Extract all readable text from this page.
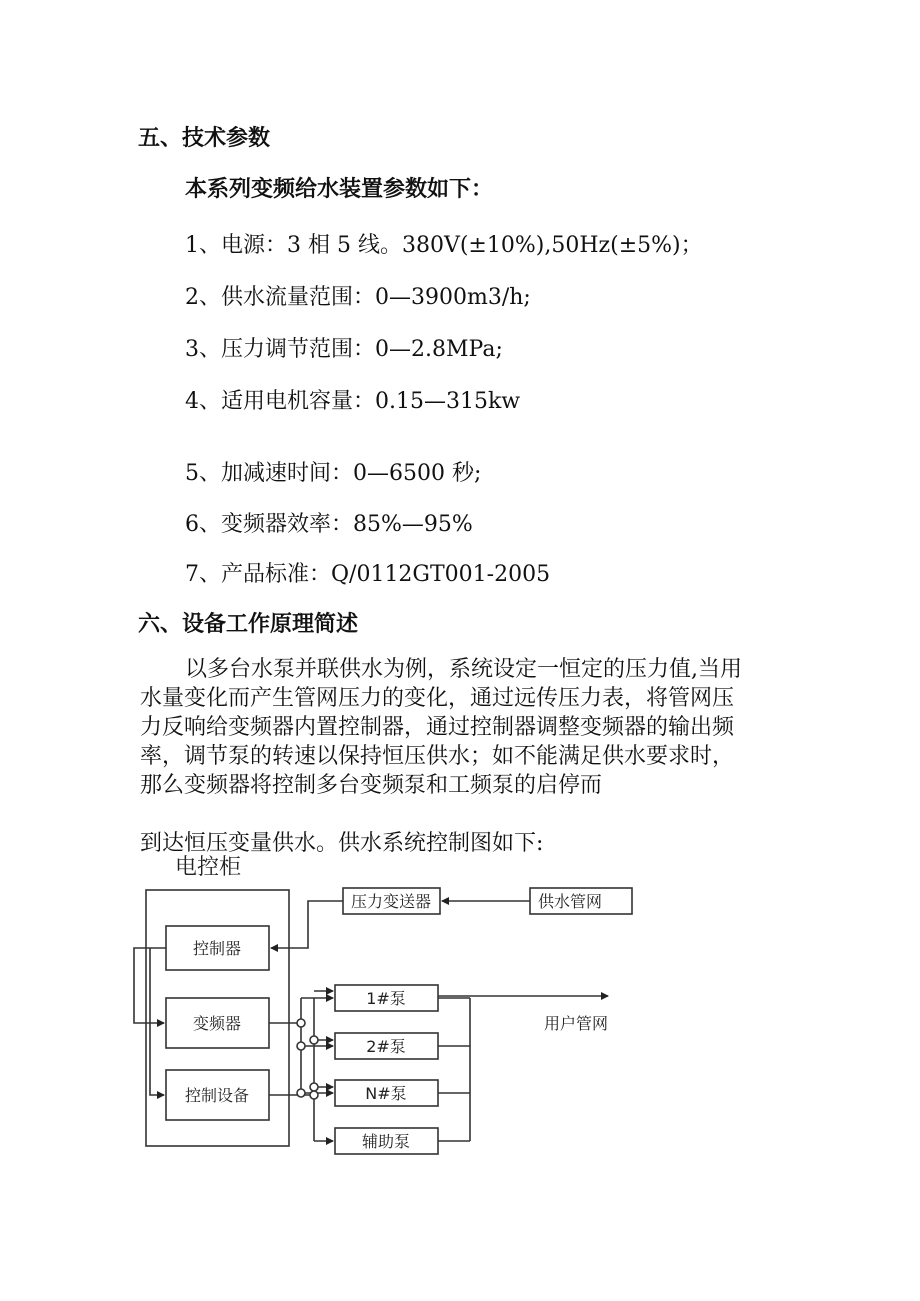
五、技术参数
本系列变频给水装置参数如下：
1、电源：3 相 5 线。380V(±10%),50Hz(±5%)；
2、供水流量范围：0—3900m3/h;
3、压力调节范围：0—2.8MPa;
4、适用电机容量：0.15—315kw
5、加减速时间：0—6500 秒;
6、变频器效率：85%—95%
7、产品标准：Q/0112GT001-2005
六、设备工作原理简述
以多台水泵并联供水为例，系统设定一恒定的压力值,当用
水量变化而产生管网压力的变化，通过远传压力表，将管网压
力反响给变频器内置控制器，通过控制器调整变频器的输出频
率，调节泵的转速以保持恒压供水；如不能满足供水要求时，
那么变频器将控制多台变频泵和工频泵的启停而
到达恒压变量供水。供水系统控制图如下:
电控柜
控制器
变频器
控制设备
压力变送器	供水管网
1#泵
2#泵
N#泵
辅助泵
用户管网
